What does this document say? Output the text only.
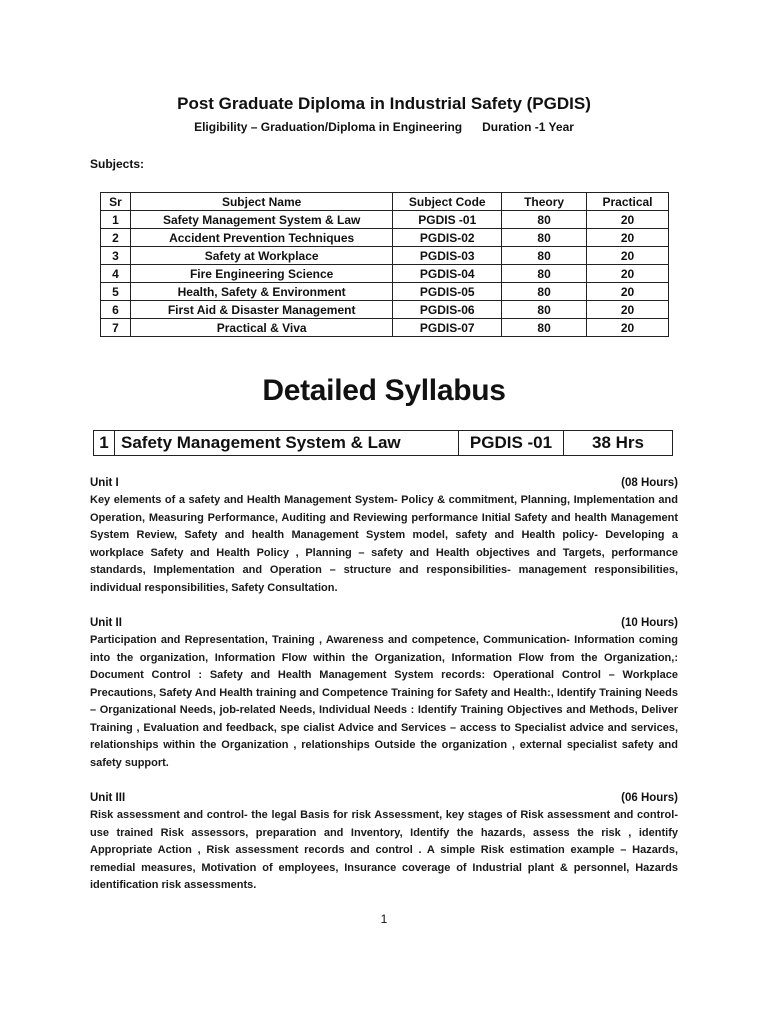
Post Graduate Diploma in Industrial Safety (PGDIS)
Eligibility – Graduation/Diploma in Engineering      Duration -1 Year
Subjects:
Sr	Subject Name	Subject Code	Theory	Practical
1	Safety Management System & Law	PGDIS -01	80	20
2	Accident Prevention Techniques	PGDIS-02	80	20
3	Safety at Workplace	PGDIS-03	80	20
4	Fire Engineering Science	PGDIS-04	80	20
5	Health, Safety & Environment	PGDIS-05	80	20
6	First Aid & Disaster Management	PGDIS-06	80	20
7	Practical & Viva	PGDIS-07	80	20
Detailed Syllabus
1	Safety Management System & Law	PGDIS -01	38 Hrs
Unit I	(08 Hours)
Key elements of a safety and Health Management System- Policy & commitment, Planning, Implementation and Operation, Measuring Performance, Auditing and Reviewing performance Initial Safety and health Management System Review, Safety and health Management System model, safety and Health policy- Developing a workplace Safety and Health Policy , Planning – safety and Health objectives and Targets, performance standards, Implementation and Operation – structure and responsibilities- management responsibilities, individual responsibilities, Safety Consultation.
Unit II	(10 Hours)
Participation and Representation, Training , Awareness and competence, Communication- Information coming into the organization, Information Flow within the Organization, Information Flow from the Organization,: Document Control : Safety and Health Management System records: Operational Control – Workplace Precautions, Safety And Health training and Competence Training for Safety and Health:, Identify Training Needs – Organizational Needs, job-related Needs, Individual Needs : Identify Training Objectives and Methods, Deliver Training , Evaluation and feedback, spe cialist Advice and Services – access to Specialist advice and services, relationships within the Organization , relationships Outside the organization , external specialist safety and safety support.
Unit III	(06 Hours)
Risk assessment and control- the legal Basis for risk Assessment, key stages of Risk assessment and control- use trained Risk assessors, preparation and Inventory, Identify the hazards, assess the risk , identify Appropriate Action , Risk assessment records and control . A simple Risk estimation example – Hazards, remedial measures, Motivation of employees, Insurance coverage of Industrial plant & personnel, Hazards identification risk assessments.
1
